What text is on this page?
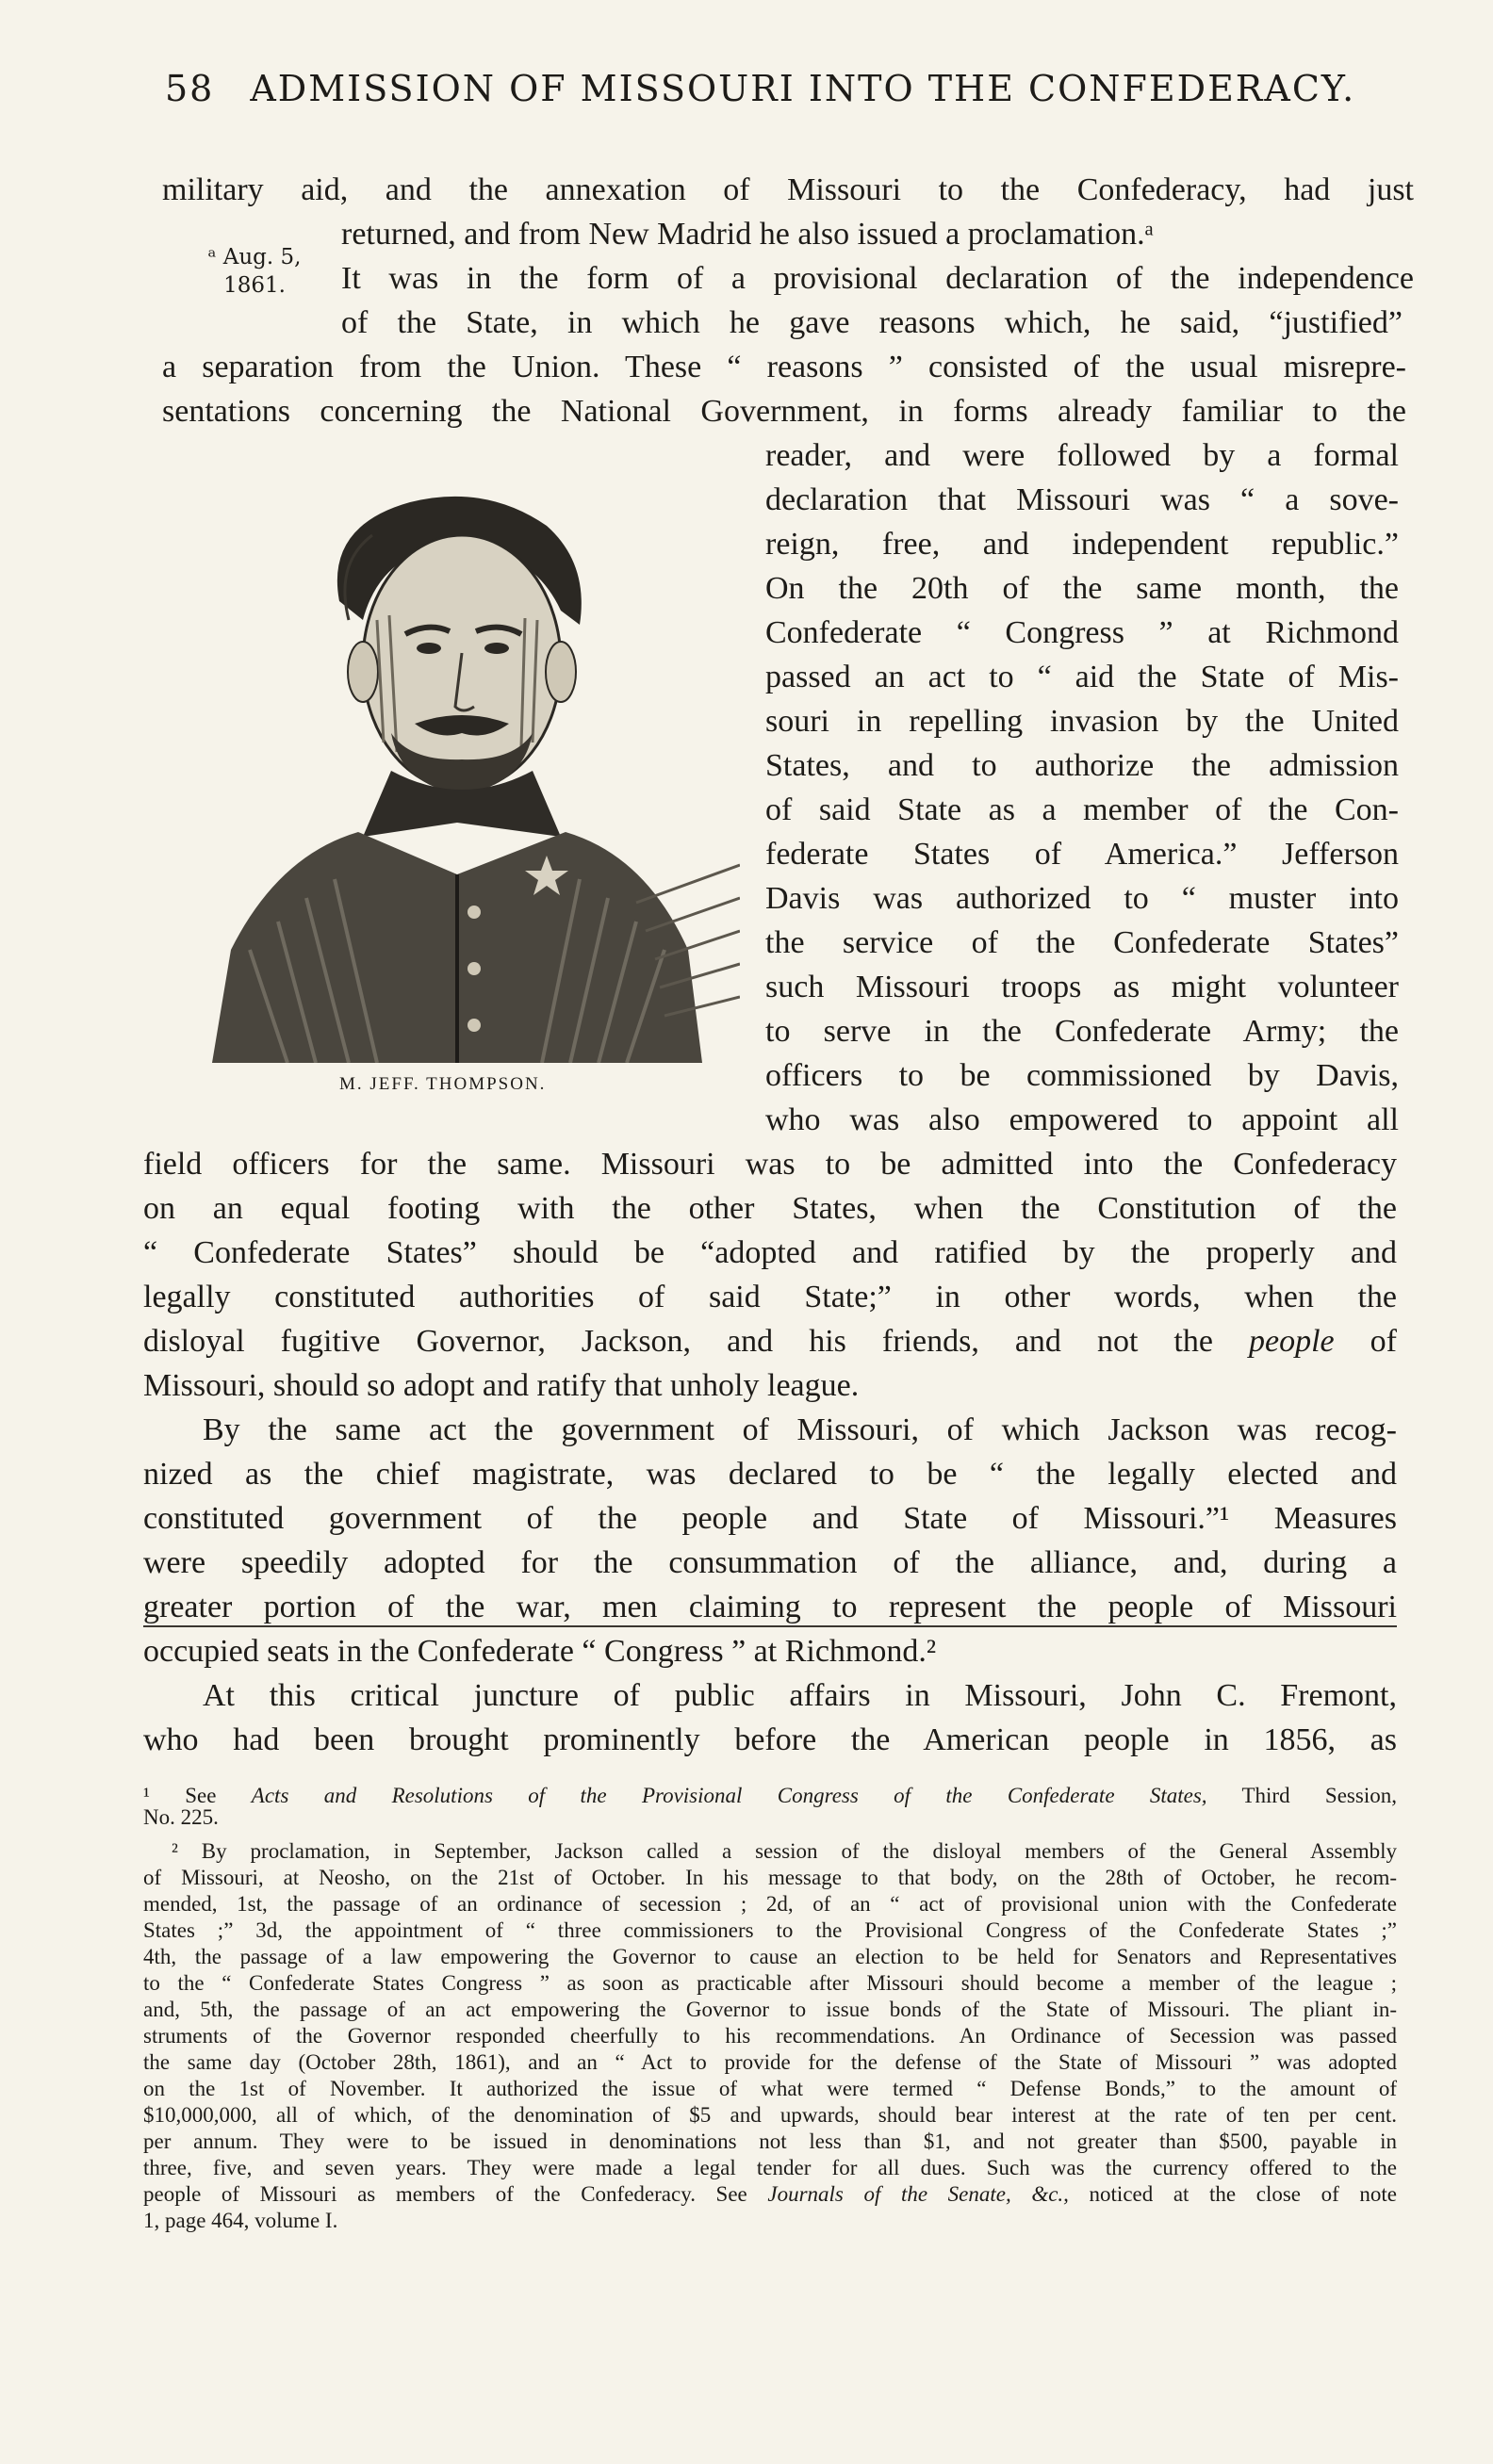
58 ADMISSION OF MISSOURI INTO THE CONFEDERACY.
ᵃ Aug. 5,
1861.
military aid, and the annexation of Missouri to the Confederacy, had just
returned, and from New Madrid he also issued a proclamation.ᵃ
It was in the form of a provisional declaration of the independence
of the State, in which he gave reasons which, he said, “justified”
a separation from the Union. These “ reasons ” consisted of the usual misrepre-
sentations concerning the National Government, in forms already familiar to the
reader, and were followed by a formal
declaration that Missouri was “ a sove-
reign, free, and independent republic.”
On the 20th of the same month, the
Confederate “ Congress ” at Richmond
passed an act to “ aid the State of Mis-
souri in repelling invasion by the United
States, and to authorize the admission
of said State as a member of the Con-
federate States of America.” Jefferson
Davis was authorized to “ muster into
the service of the Confederate States”
such Missouri troops as might volunteer
to serve in the Confederate Army; the
officers to be commissioned by Davis,
who was also empowered to appoint all
field officers for the same. Missouri was to be admitted into the Confederacy
on an equal footing with the other States, when the Constitution of the
“ Confederate States” should be “adopted and ratified by the properly and
legally constituted authorities of said State;” in other words, when the
disloyal fugitive Governor, Jackson, and his friends, and not the people of
Missouri, should so adopt and ratify that unholy league.
By the same act the government of Missouri, of which Jackson was recog-
nized as the chief magistrate, was declared to be “ the legally elected and
constituted government of the people and State of Missouri.”¹ Measures
were speedily adopted for the consummation of the alliance, and, during a
greater portion of the war, men claiming to represent the people of Missouri
occupied seats in the Confederate “ Congress ” at Richmond.²
At this critical juncture of public affairs in Missouri, John C. Fremont,
who had been brought prominently before the American people in 1856, as
M. JEFF. THOMPSON.
¹ See Acts and Resolutions of the Provisional Congress of the Confederate States, Third Session,
No. 225.
² By proclamation, in September, Jackson called a session of the disloyal members of the General Assembly
of Missouri, at Neosho, on the 21st of October. In his message to that body, on the 28th of October, he recom-
mended, 1st, the passage of an ordinance of secession ; 2d, of an “ act of provisional union with the Confederate
States ;” 3d, the appointment of “ three commissioners to the Provisional Congress of the Confederate States ;”
4th, the passage of a law empowering the Governor to cause an election to be held for Senators and Representatives
to the “ Confederate States Congress ” as soon as practicable after Missouri should become a member of the league ;
and, 5th, the passage of an act empowering the Governor to issue bonds of the State of Missouri. The pliant in-
struments of the Governor responded cheerfully to his recommendations. An Ordinance of Secession was passed
the same day (October 28th, 1861), and an “ Act to provide for the defense of the State of Missouri ” was adopted
on the 1st of November. It authorized the issue of what were termed “ Defense Bonds,” to the amount of
$10,000,000, all of which, of the denomination of $5 and upwards, should bear interest at the rate of ten per cent.
per annum. They were to be issued in denominations not less than $1, and not greater than $500, payable in
three, five, and seven years. They were made a legal tender for all dues. Such was the currency offered to the
people of Missouri as members of the Confederacy. See Journals of the Senate, &c., noticed at the close of note
1, page 464, volume I.
